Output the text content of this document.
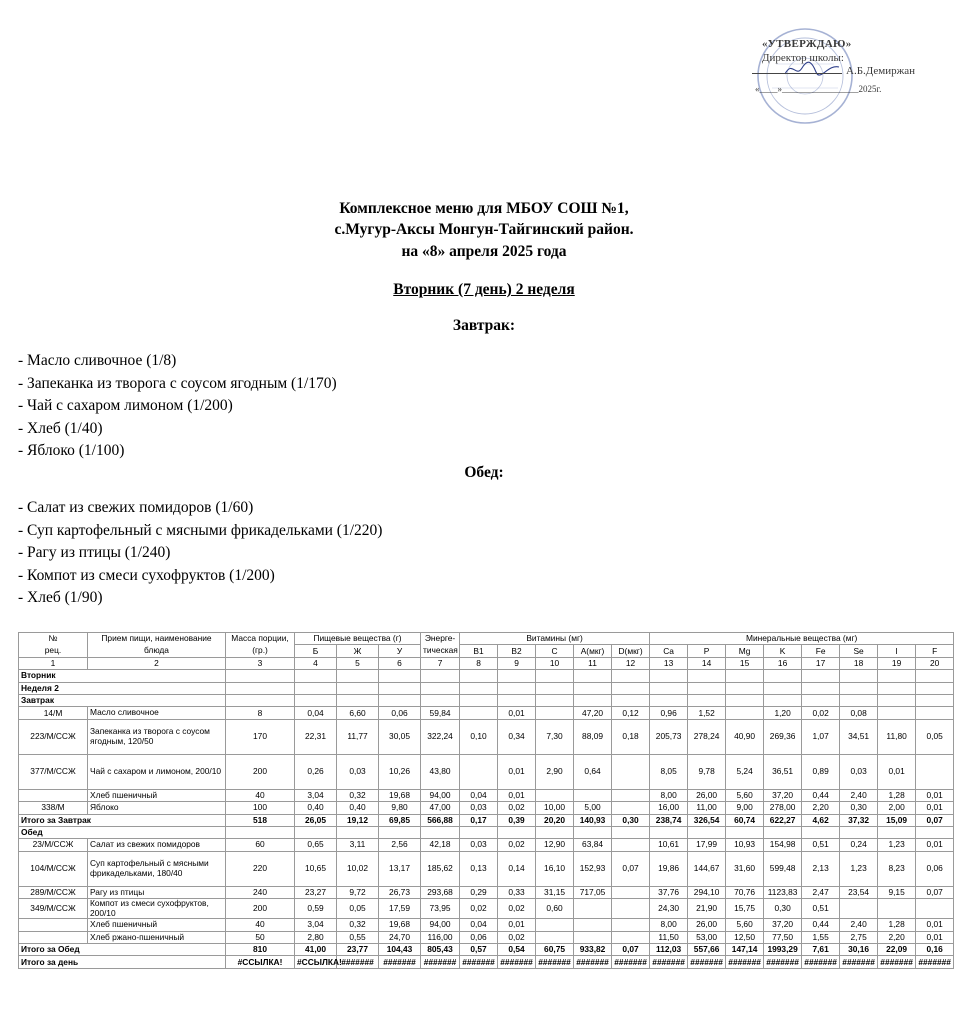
«УТВЕРЖДАЮ»
Директор школы:
А.Б.Демиржан
«____»_________________2025г.
Комплексное меню для МБОУ СОШ №1,
с.Мугур-Аксы Монгун-Тайгинский район.
на «8» апреля 2025 года
Вторник (7 день) 2 неделя
Завтрак:
- Масло сливочное (1/8)
- Запеканка из творога с соусом ягодным (1/170)
- Чай с сахаром лимоном (1/200)
- Хлеб (1/40)
- Яблоко (1/100)
Обед:
- Салат из свежих помидоров (1/60)
- Суп картофельный с мясными фрикадельками (1/220)
- Рагу из птицы (1/240)
- Компот из смеси сухофруктов (1/200)
- Хлеб (1/90)
№	Прием пищи, наименование	Масса порции,	Пищевые вещества (г)			Энерге-	Витамины (мг)					Минеральные вещества (мг)							
рец.	блюда	(гр.)	Б	Ж	У	тическая	В1	В2	С	А(мкг)	D(мкг)	Ca	P	Mg	K	Fe	Se	I	F
1	2	3	4	5	6	7	8	9	10	11	12	13	14	15	16	17	18	19	20
Вторник																			
Неделя 2																			
Завтрак																			
14/М	Масло сливочное	8	0,04	6,60	0,06	59,84		0,01		47,20	0,12	0,96	1,52		1,20	0,02	0,08		
223/М/ССЖ	Запеканка из творога с соусом ягодным, 120/50	170	22,31	11,77	30,05	322,24	0,10	0,34	7,30	88,09	0,18	205,73	278,24	40,90	269,36	1,07	34,51	11,80	0,05
377/М/ССЖ	Чай с сахаром и лимоном, 200/10	200	0,26	0,03	10,26	43,80		0,01	2,90	0,64		8,05	9,78	5,24	36,51	0,89	0,03	0,01	
	Хлеб пшеничный	40	3,04	0,32	19,68	94,00	0,04	0,01				8,00	26,00	5,60	37,20	0,44	2,40	1,28	0,01
338/М	Яблоко	100	0,40	0,40	9,80	47,00	0,03	0,02	10,00	5,00		16,00	11,00	9,00	278,00	2,20	0,30	2,00	0,01
Итого за Завтрак		518	26,05	19,12	69,85	566,88	0,17	0,39	20,20	140,93	0,30	238,74	326,54	60,74	622,27	4,62	37,32	15,09	0,07
Обед																			
23/М/ССЖ	Салат из свежих помидоров	60	0,65	3,11	2,56	42,18	0,03	0,02	12,90	63,84		10,61	17,99	10,93	154,98	0,51	0,24	1,23	0,01
104/М/ССЖ	Суп картофельный с мясными фрикадельками, 180/40	220	10,65	10,02	13,17	185,62	0,13	0,14	16,10	152,93	0,07	19,86	144,67	31,60	599,48	2,13	1,23	8,23	0,06
289/М/ССЖ	Рагу из птицы	240	23,27	9,72	26,73	293,68	0,29	0,33	31,15	717,05		37,76	294,10	70,76	1123,83	2,47	23,54	9,15	0,07
349/М/ССЖ	Компот из смеси сухофруктов, 200/10	200	0,59	0,05	17,59	73,95	0,02	0,02	0,60			24,30	21,90	15,75	0,30	0,51			
	Хлеб пшеничный	40	3,04	0,32	19,68	94,00	0,04	0,01				8,00	26,00	5,60	37,20	0,44	2,40	1,28	0,01
	Хлеб ржано-пшеничный	50	2,80	0,55	24,70	116,00	0,06	0,02				11,50	53,00	12,50	77,50	1,55	2,75	2,20	0,01
Итого за Обед		810	41,00	23,77	104,43	805,43	0,57	0,54	60,75	933,82	0,07	112,03	557,66	147,14	1993,29	7,61	30,16	22,09	0,16
Итого за день		#ССЫЛКА!	#ССЫЛКА!	#######	#######	#######	#######	#######	#######	#######	#######	#######	#######	#######	#######	#######	#######	#######	#######
